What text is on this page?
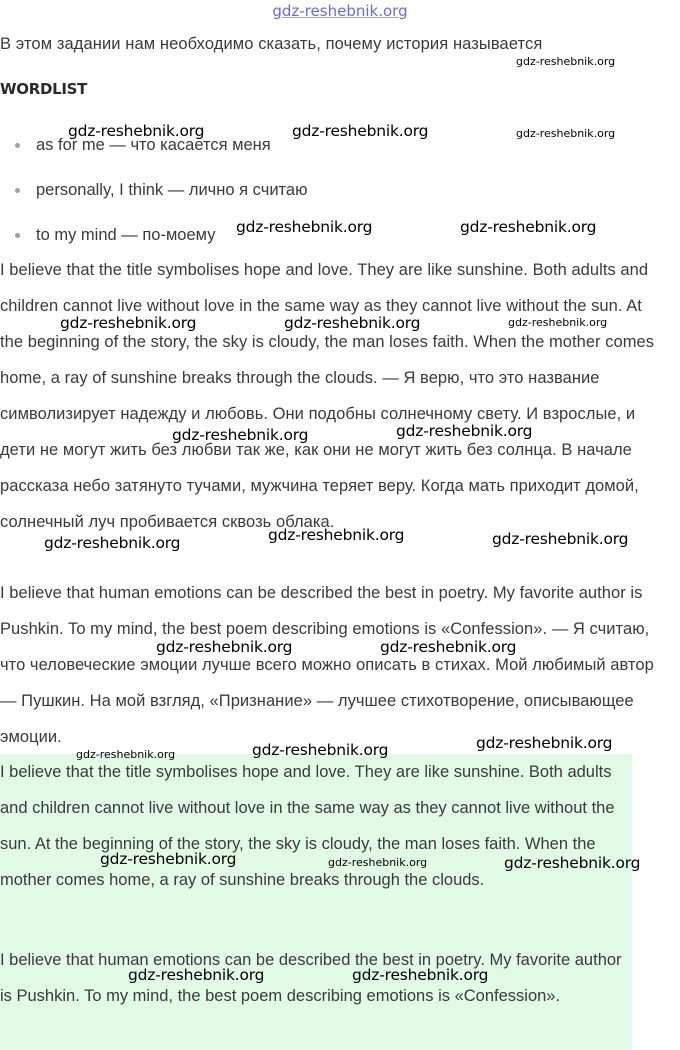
gdz-reshebnik.org
В этом задании нам необходимо сказать, почему история называется
WORDLIST
as for me — что касается меня
personally, I think — лично я считаю
to my mind — по-моему

I believe that the title symbolises hope and love. They are like sunshine. Both adults and children cannot live without love in the same way as they cannot live without the sun. At the beginning of the story, the sky is cloudy, the man loses faith. When the mother comes home, a ray of sunshine breaks through the clouds. — Я верю, что это название символизирует надежду и любовь. Они подобны солнечному свету. И взрослые, и дети не могут жить без любви так же, как они не могут жить без солнца. В начале рассказа небо затянуто тучами, мужчина теряет веру. Когда мать приходит домой, солнечный луч пробивается сквозь облака.

I believe that human emotions can be described the best in poetry. My favorite author is Pushkin. To my mind, the best poem describing emotions is «Confession». — Я считаю, что человеческие эмоции лучше всего можно описать в стихах. Мой любимый автор — Пушкин. На мой взгляд, «Признание» — лучшее стихотворение, описывающее эмоции.

I believe that the title symbolises hope and love. They are like sunshine. Both adults and children cannot live without love in the same way as they cannot live without the sun. At the beginning of the story, the sky is cloudy, the man loses faith. When the mother comes home, a ray of sunshine breaks through the clouds.

I believe that human emotions can be described the best in poetry. My favorite author is Pushkin. To my mind, the best poem describing emotions is «Confession».

gdz-reshebnik.org
gdz-reshebnik.org	gdz-reshebnik.org	gdz-reshebnik.org
gdz-reshebnik.org	gdz-reshebnik.org
gdz-reshebnik.org	gdz-reshebnik.org	gdz-reshebnik.org
gdz-reshebnik.org	gdz-reshebnik.org
gdz-reshebnik.org	gdz-reshebnik.org	gdz-reshebnik.org
gdz-reshebnik.org	gdz-reshebnik.org
gdz-reshebnik.org	gdz-reshebnik.org	gdz-reshebnik.org
gdz-reshebnik.org	gdz-reshebnik.org	gdz-reshebnik.org
gdz-reshebnik.org	gdz-reshebnik.org
